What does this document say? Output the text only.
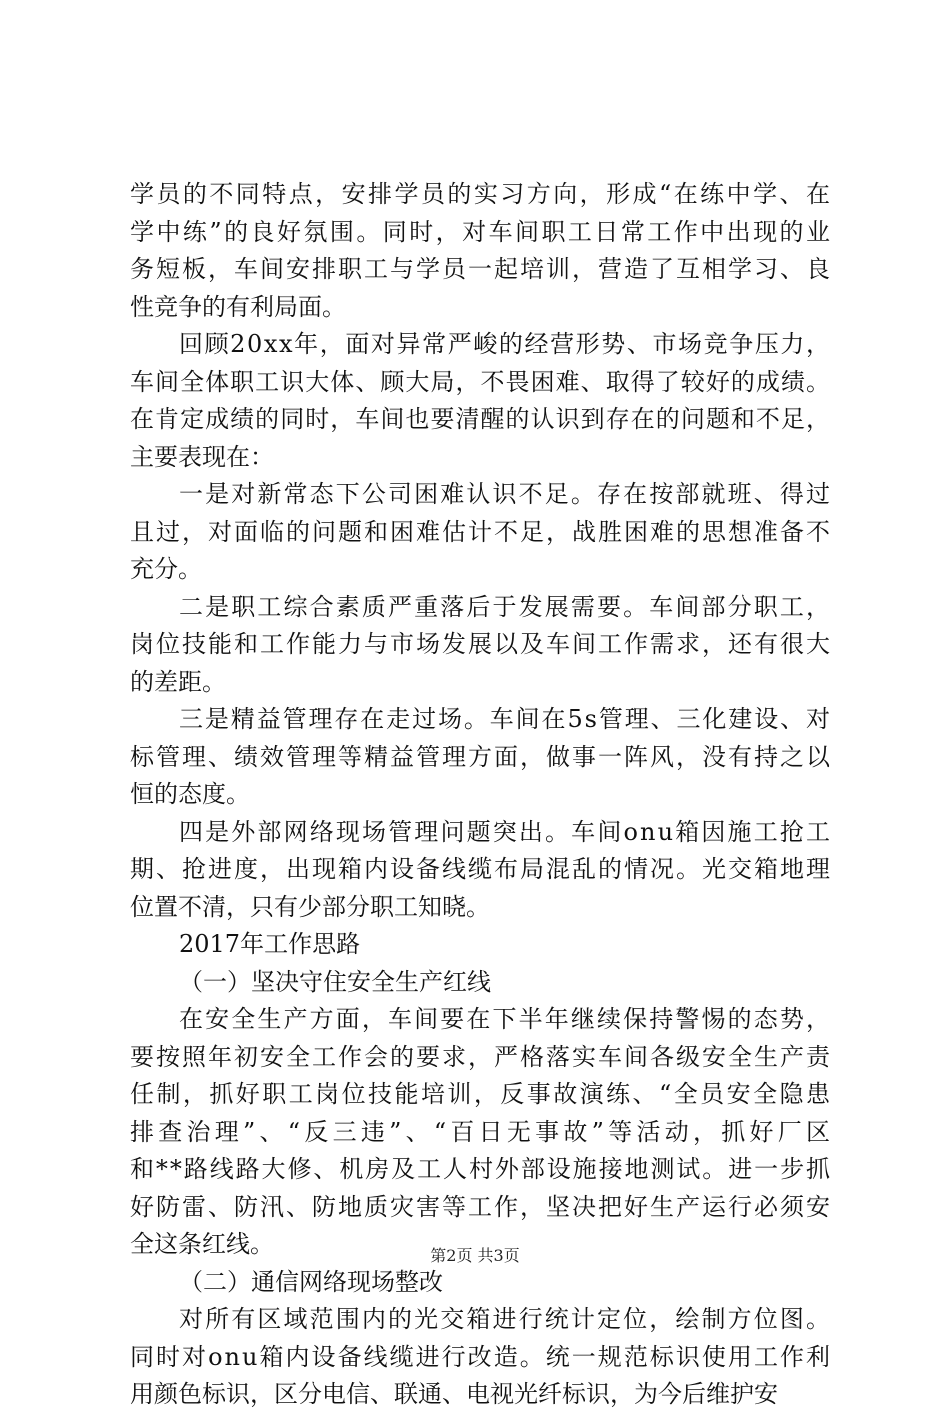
学员的不同特点，安排学员的实习方向，形成“在练中学、在
学中练”的良好氛围。同时，对车间职工日常工作中出现的业
务短板，车间安排职工与学员一起培训，营造了互相学习、良
性竞争的有利局面。
回顾20xx年，面对异常严峻的经营形势、市场竞争压力，
车间全体职工识大体、顾大局，不畏困难、取得了较好的成绩。
在肯定成绩的同时，车间也要清醒的认识到存在的问题和不足，
主要表现在：
一是对新常态下公司困难认识不足。存在按部就班、得过
且过，对面临的问题和困难估计不足，战胜困难的思想准备不
充分。
二是职工综合素质严重落后于发展需要。车间部分职工，
岗位技能和工作能力与市场发展以及车间工作需求，还有很大
的差距。
三是精益管理存在走过场。车间在5s管理、三化建设、对
标管理、绩效管理等精益管理方面，做事一阵风，没有持之以
恒的态度。
四是外部网络现场管理问题突出。车间onu箱因施工抢工
期、抢进度，出现箱内设备线缆布局混乱的情况。光交箱地理
位置不清，只有少部分职工知晓。
2017年工作思路
（一）坚决守住安全生产红线
在安全生产方面，车间要在下半年继续保持警惕的态势，
要按照年初安全工作会的要求，严格落实车间各级安全生产责
任制，抓好职工岗位技能培训，反事故演练、“全员安全隐患
排查治理”、“反三违”、“百日无事故”等活动，抓好厂区
和**路线路大修、机房及工人村外部设施接地测试。进一步抓
好防雷、防汛、防地质灾害等工作，坚决把好生产运行必须安
全这条红线。
（二）通信网络现场整改
对所有区域范围内的光交箱进行统计定位，绘制方位图。
同时对onu箱内设备线缆进行改造。统一规范标识使用工作利
用颜色标识，区分电信、联通、电视光纤标识，为今后维护安
第2页 共3页
